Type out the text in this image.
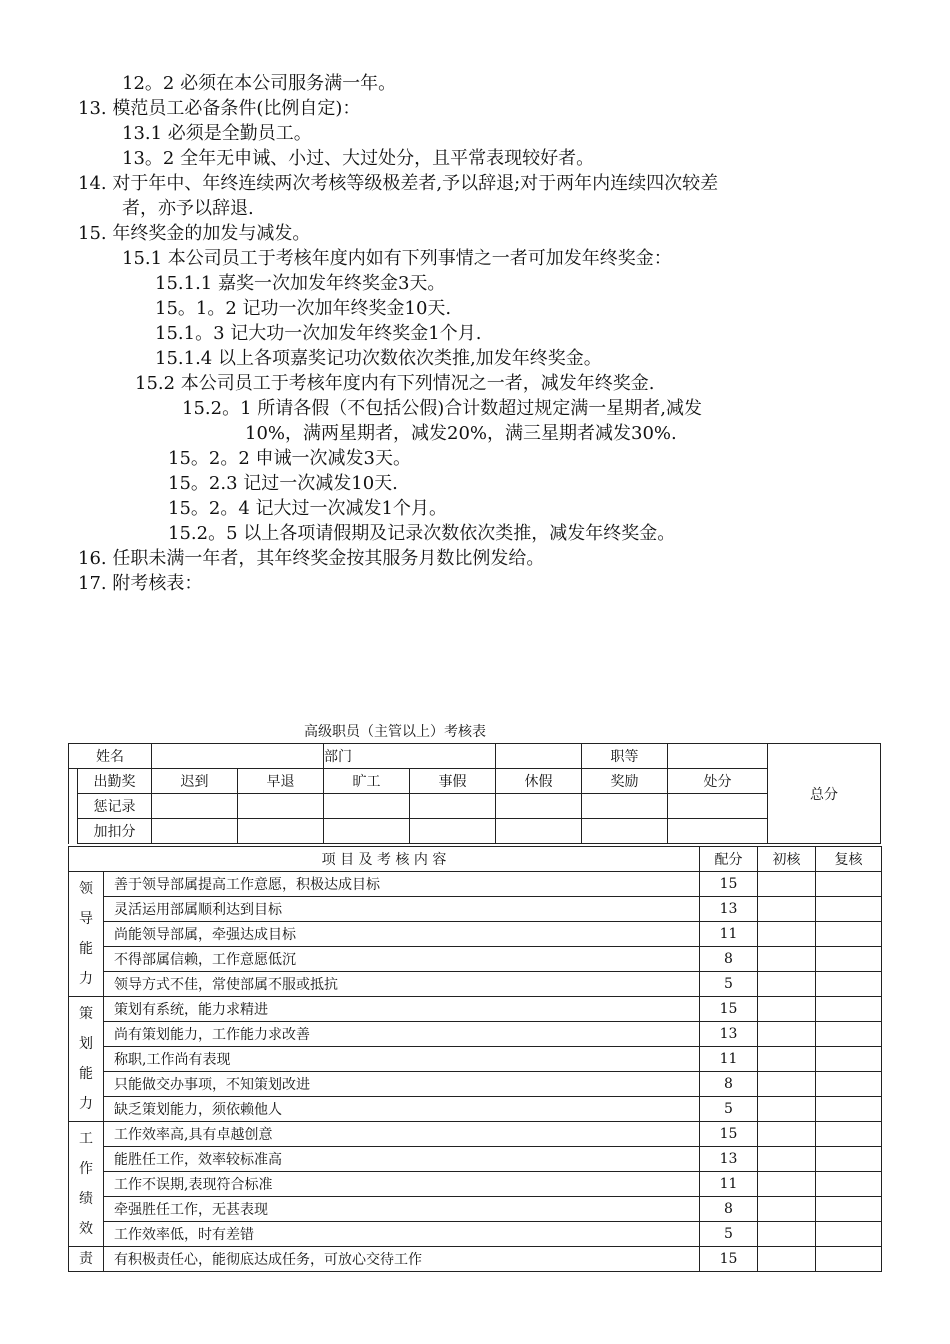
12。2 必须在本公司服务满一年。
13. 模范员工必备条件(比例自定)：
13.1 必须是全勤员工。
13。2 全年无申诫、小过、大过处分，且平常表现较好者。
14. 对于年中、年终连续两次考核等级极差者,予以辞退;对于两年内连续四次较差
者，亦予以辞退.
15. 年终奖金的加发与减发。
15.1 本公司员工于考核年度内如有下列事情之一者可加发年终奖金：
15.1.1 嘉奖一次加发年终奖金3天。
15。1。2 记功一次加年终奖金10天.
15.1。3 记大功一次加发年终奖金1个月.
15.1.4 以上各项嘉奖记功次数依次类推,加发年终奖金。
15.2 本公司员工于考核年度内有下列情况之一者，减发年终奖金.
15.2。1 所请各假（不包括公假)合计数超过规定满一星期者,减发
10%，满两星期者，减发20%，满三星期者减发30%.
15。2。2 申诫一次减发3天。
15。2.3 记过一次减发10天.
15。2。4 记大过一次减发1个月。
15.2。5 以上各项请假期及记录次数依次类推，减发年终奖金。
16. 任职未满一年者，其年终奖金按其服务月数比例发给。
17. 附考核表：
高级职员（主管以上）考核表
姓名				部门			职等		总分
	出勤奖	迟到	早退	旷工	事假	休假	奖励	处分	
	惩记录								
	加扣分								
项 目 及 考 核 内 容		配分	初核	复核

领
导
能
力	善于领导部属提高工作意愿，积极达成目标	15		
	灵活运用部属顺利达到目标	13		
	尚能领导部属，牵强达成目标	11		
	不得部属信赖，工作意愿低沉	8		
	领导方式不佳，常使部属不服或抵抗	5		

策
划
能
力	策划有系统，能力求精进	15		
	尚有策划能力，工作能力求改善	13		
	称职,工作尚有表现	11		
	只能做交办事项，不知策划改进	8		
	缺乏策划能力，须依赖他人	5		

工
作
绩
效	工作效率高,具有卓越创意	15		
	能胜任工作，效率较标准高	13		
	工作不误期,表现符合标准	11		
	牵强胜任工作，无甚表现	8		
	工作效率低，时有差错	5		

责	有积极责任心，能彻底达成任务，可放心交待工作	15		
